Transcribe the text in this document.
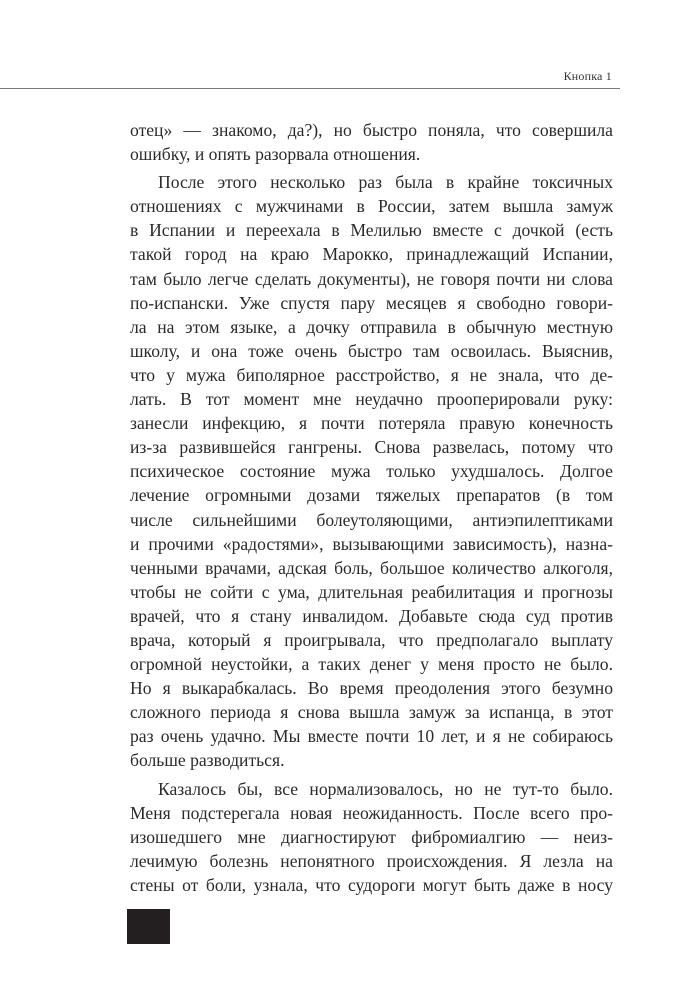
Кнопка 1
отец» — знакомо, да?), но быстро поняла, что совершила
ошибку, и опять разорвала отношения.
После этого несколько раз была в крайне токсичных
отношениях с мужчинами в России, затем вышла замуж
в Испании и переехала в Мелилью вместе с дочкой (есть
такой город на краю Марокко, принадлежащий Испании,
там было легче сделать документы), не говоря почти ни слова
по-испански. Уже спустя пару месяцев я свободно говори-
ла на этом языке, а дочку отправила в обычную местную
школу, и она тоже очень быстро там освоилась. Выяснив,
что у мужа биполярное расстройство, я не знала, что де-
лать. В тот момент мне неудачно прооперировали руку:
занесли инфекцию, я почти потеряла правую конечность
из-за развившейся гангрены. Снова развелась, потому что
психическое состояние мужа только ухудшалось. Долгое
лечение огромными дозами тяжелых препаратов (в том
числе сильнейшими болеутоляющими, антиэпилептиками
и прочими «радостями», вызывающими зависимость), назна-
ченными врачами, адская боль, большое количество алкоголя,
чтобы не сойти с ума, длительная реабилитация и прогнозы
врачей, что я стану инвалидом. Добавьте сюда суд против
врача, который я проигрывала, что предполагало выплату
огромной неустойки, а таких денег у меня просто не было.
Но я выкарабкалась. Во время преодоления этого безумно
сложного периода я снова вышла замуж за испанца, в этот
раз очень удачно. Мы вместе почти 10 лет, и я не собираюсь
больше разводиться.
Казалось бы, все нормализовалось, но не тут-то было.
Меня подстерегала новая неожиданность. После всего про-
изошедшего мне диагностируют фибромиалгию — неиз-
лечимую болезнь непонятного происхождения. Я лезла на
стены от боли, узнала, что судороги могут быть даже в носу
